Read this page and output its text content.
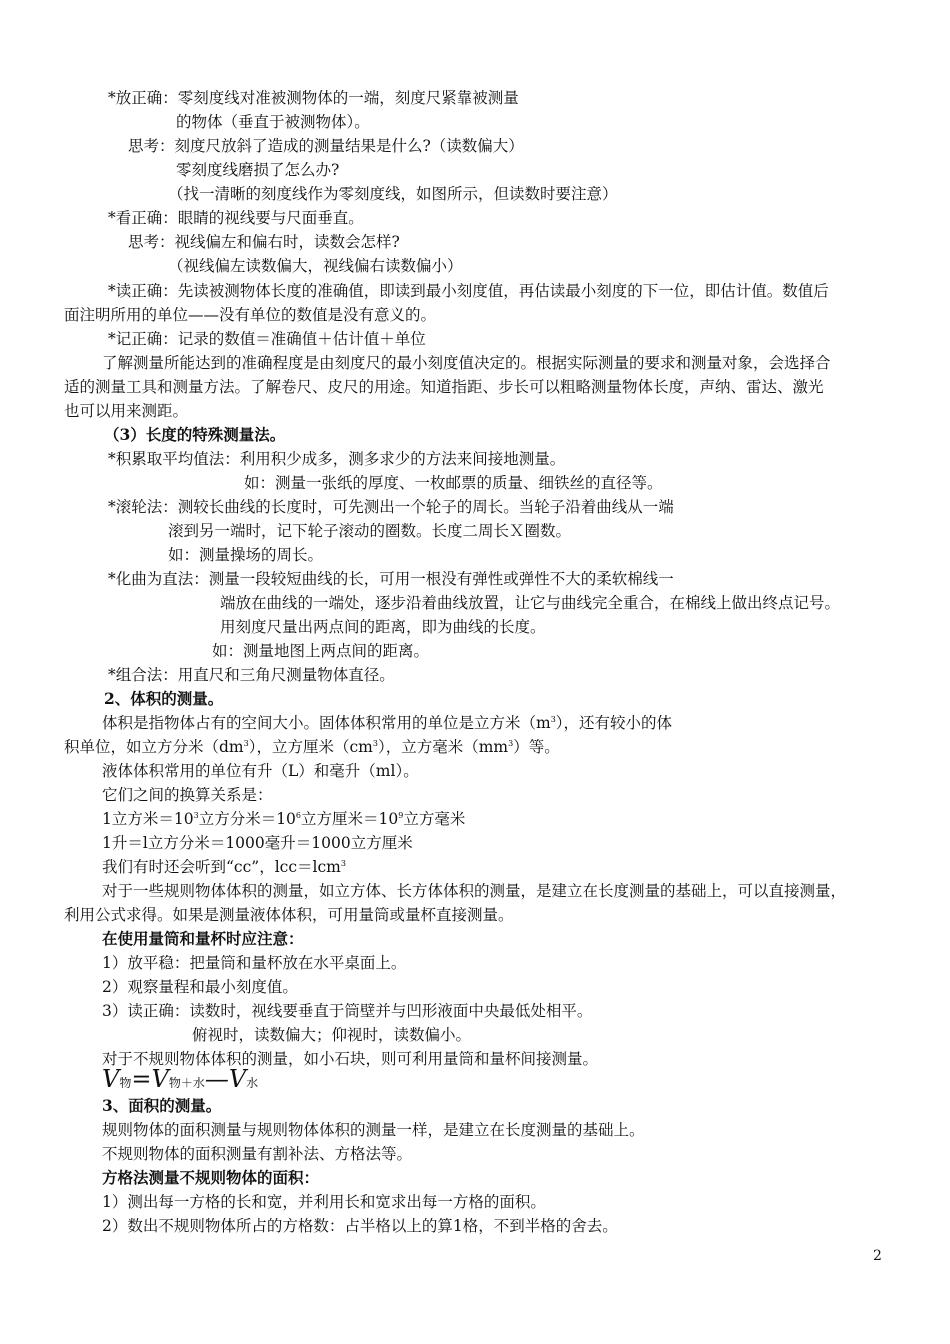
*放正确：零刻度线对准被测物体的一端，刻度尺紧靠被测量
的物体（垂直于被测物体）。
思考：刻度尺放斜了造成的测量结果是什么?（读数偏大）
零刻度线磨损了怎么办?
（找一清晰的刻度线作为零刻度线，如图所示，但读数时要注意）
*看正确：眼睛的视线要与尺面垂直。
思考：视线偏左和偏右时，读数会怎样?
（视线偏左读数偏大，视线偏右读数偏小）
*读正确：先读被测物体长度的准确值，即读到最小刻度值，再估读最小刻度的下一位，即估计值。数值后
面注明所用的单位——没有单位的数值是没有意义的。
*记正确：记录的数值＝准确值＋估计值＋单位
了解测量所能达到的准确程度是由刻度尺的最小刻度值决定的。根据实际测量的要求和测量对象，会选择合
适的测量工具和测量方法。了解卷尺、皮尺的用途。知道指距、步长可以粗略测量物体长度，声纳、雷达、激光
也可以用来测距。
（3）长度的特殊测量法。
*积累取平均值法：利用积少成多，测多求少的方法来间接地测量。
如：测量一张纸的厚度、一枚邮票的质量、细铁丝的直径等。
*滚轮法：测较长曲线的长度时，可先测出一个轮子的周长。当轮子沿着曲线从一端
滚到另一端时，记下轮子滚动的圈数。长度二周长Ｘ圈数。
如：测量操场的周长。
*化曲为直法：测量一段较短曲线的长，可用一根没有弹性或弹性不大的柔软棉线一
端放在曲线的一端处，逐步沿着曲线放置，让它与曲线完全重合，在棉线上做出终点记号。
用刻度尺量出两点间的距离，即为曲线的长度。
如：测量地图上两点间的距离。
*组合法：用直尺和三角尺测量物体直径。
2、体积的测量。
体积是指物体占有的空间大小。固体体积常用的单位是立方米$(m^3)$，还有较小的体
积单位，如立方分米$(dm^3)$，立方厘米$(cm^3)$，立方毫米$(mm^3)$等。
液体体积常用的单位有升（L）和毫升（ml）。
它们之间的换算关系是：
1立方米$=10^3$立方分米$=10^6$立方厘米$=10^9$立方毫米
1升＝l立方分米＝1000毫升＝1000立方厘米
我们有时还会听到“cc”，lcc＝lcm$^3$
对于一些规则物体体积的测量，如立方体、长方体体积的测量，是建立在长度测量的基础上，可以直接测量，
利用公式求得。如果是测量液体体积，可用量筒或量杯直接测量。
在使用量筒和量杯时应注意：
1）放平稳：把量筒和量杯放在水平桌面上。
2）观察量程和最小刻度值。
3）读正确：读数时，视线要垂直于筒壁并与凹形液面中央最低处相平。
俯视时，读数偏大；仰视时，读数偏小。
对于不规则物体体积的测量，如小石块，则可利用量筒和量杯间接测量。
V物=V物＋水—V水
3、面积的测量。
规则物体的面积测量与规则物体体积的测量一样，是建立在长度测量的基础上。
不规则物体的面积测量有割补法、方格法等。
方格法测量不规则物体的面积：
1）测出每一方格的长和宽，并利用长和宽求出每一方格的面积。
2）数出不规则物体所占的方格数：占半格以上的算1格，不到半格的舍去。
2
